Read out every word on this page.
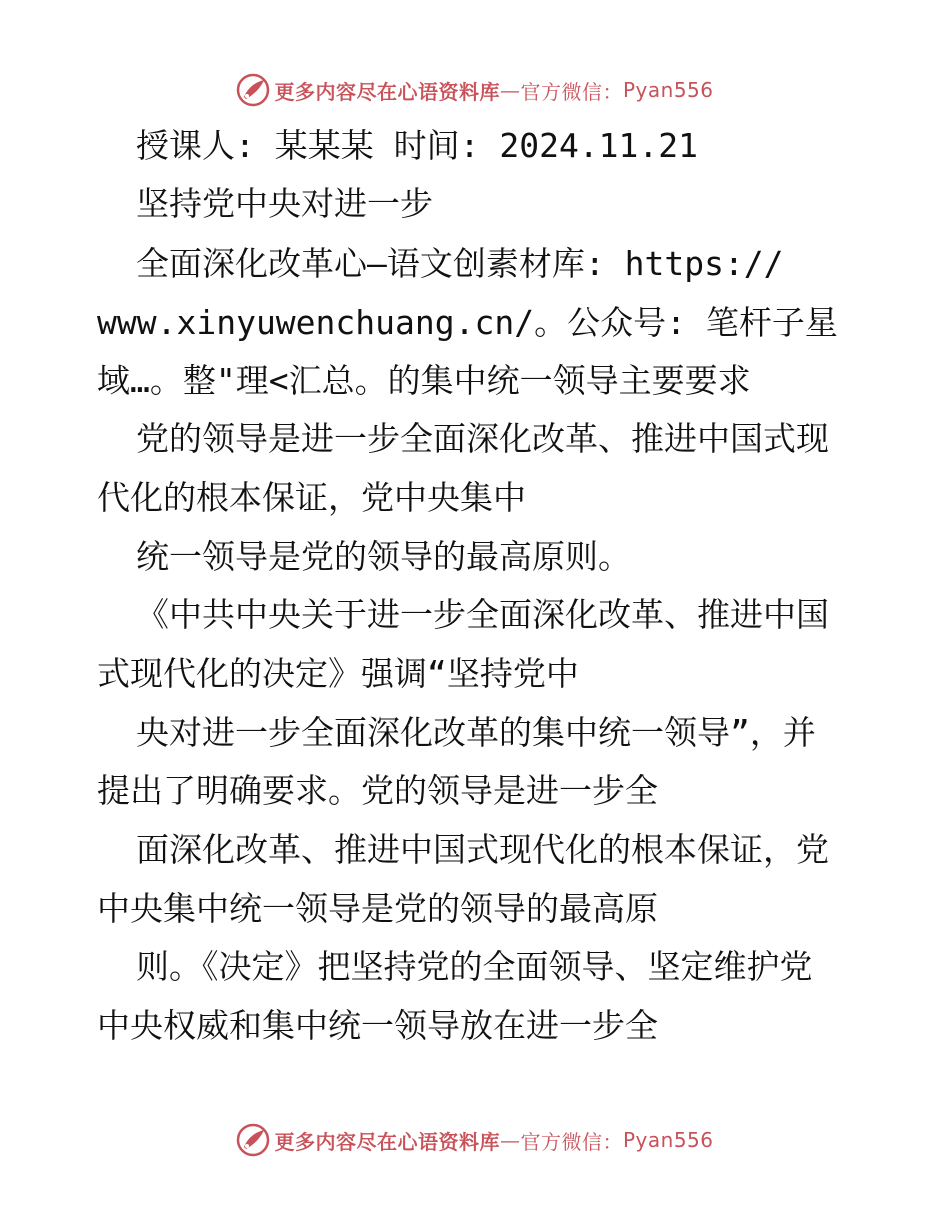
更多内容尽在心语资料库 — 官方微信： Pyan556
授课人: 某某某 时间: 2024.11.21
坚持党中央对进一步
全面深化改革心—语文创素材库: https://
www.xinyuwenchuang.cn/。公众号: 笔杆子星
域…。整"理<汇总。的集中统一领导主要要求
党的领导是进一步全面深化改革、推进中国式现
代化的根本保证，党中央集中
统一领导是党的领导的最高原则。
《中共中央关于进一步全面深化改革、推进中国
式现代化的决定》强调“坚持党中
央对进一步全面深化改革的集中统一领导”，并
提出了明确要求。党的领导是进一步全
面深化改革、推进中国式现代化的根本保证，党
中央集中统一领导是党的领导的最高原
则。《决定》把坚持党的全面领导、坚定维护党
中央权威和集中统一领导放在进一步全
更多内容尽在心语资料库 — 官方微信： Pyan556
